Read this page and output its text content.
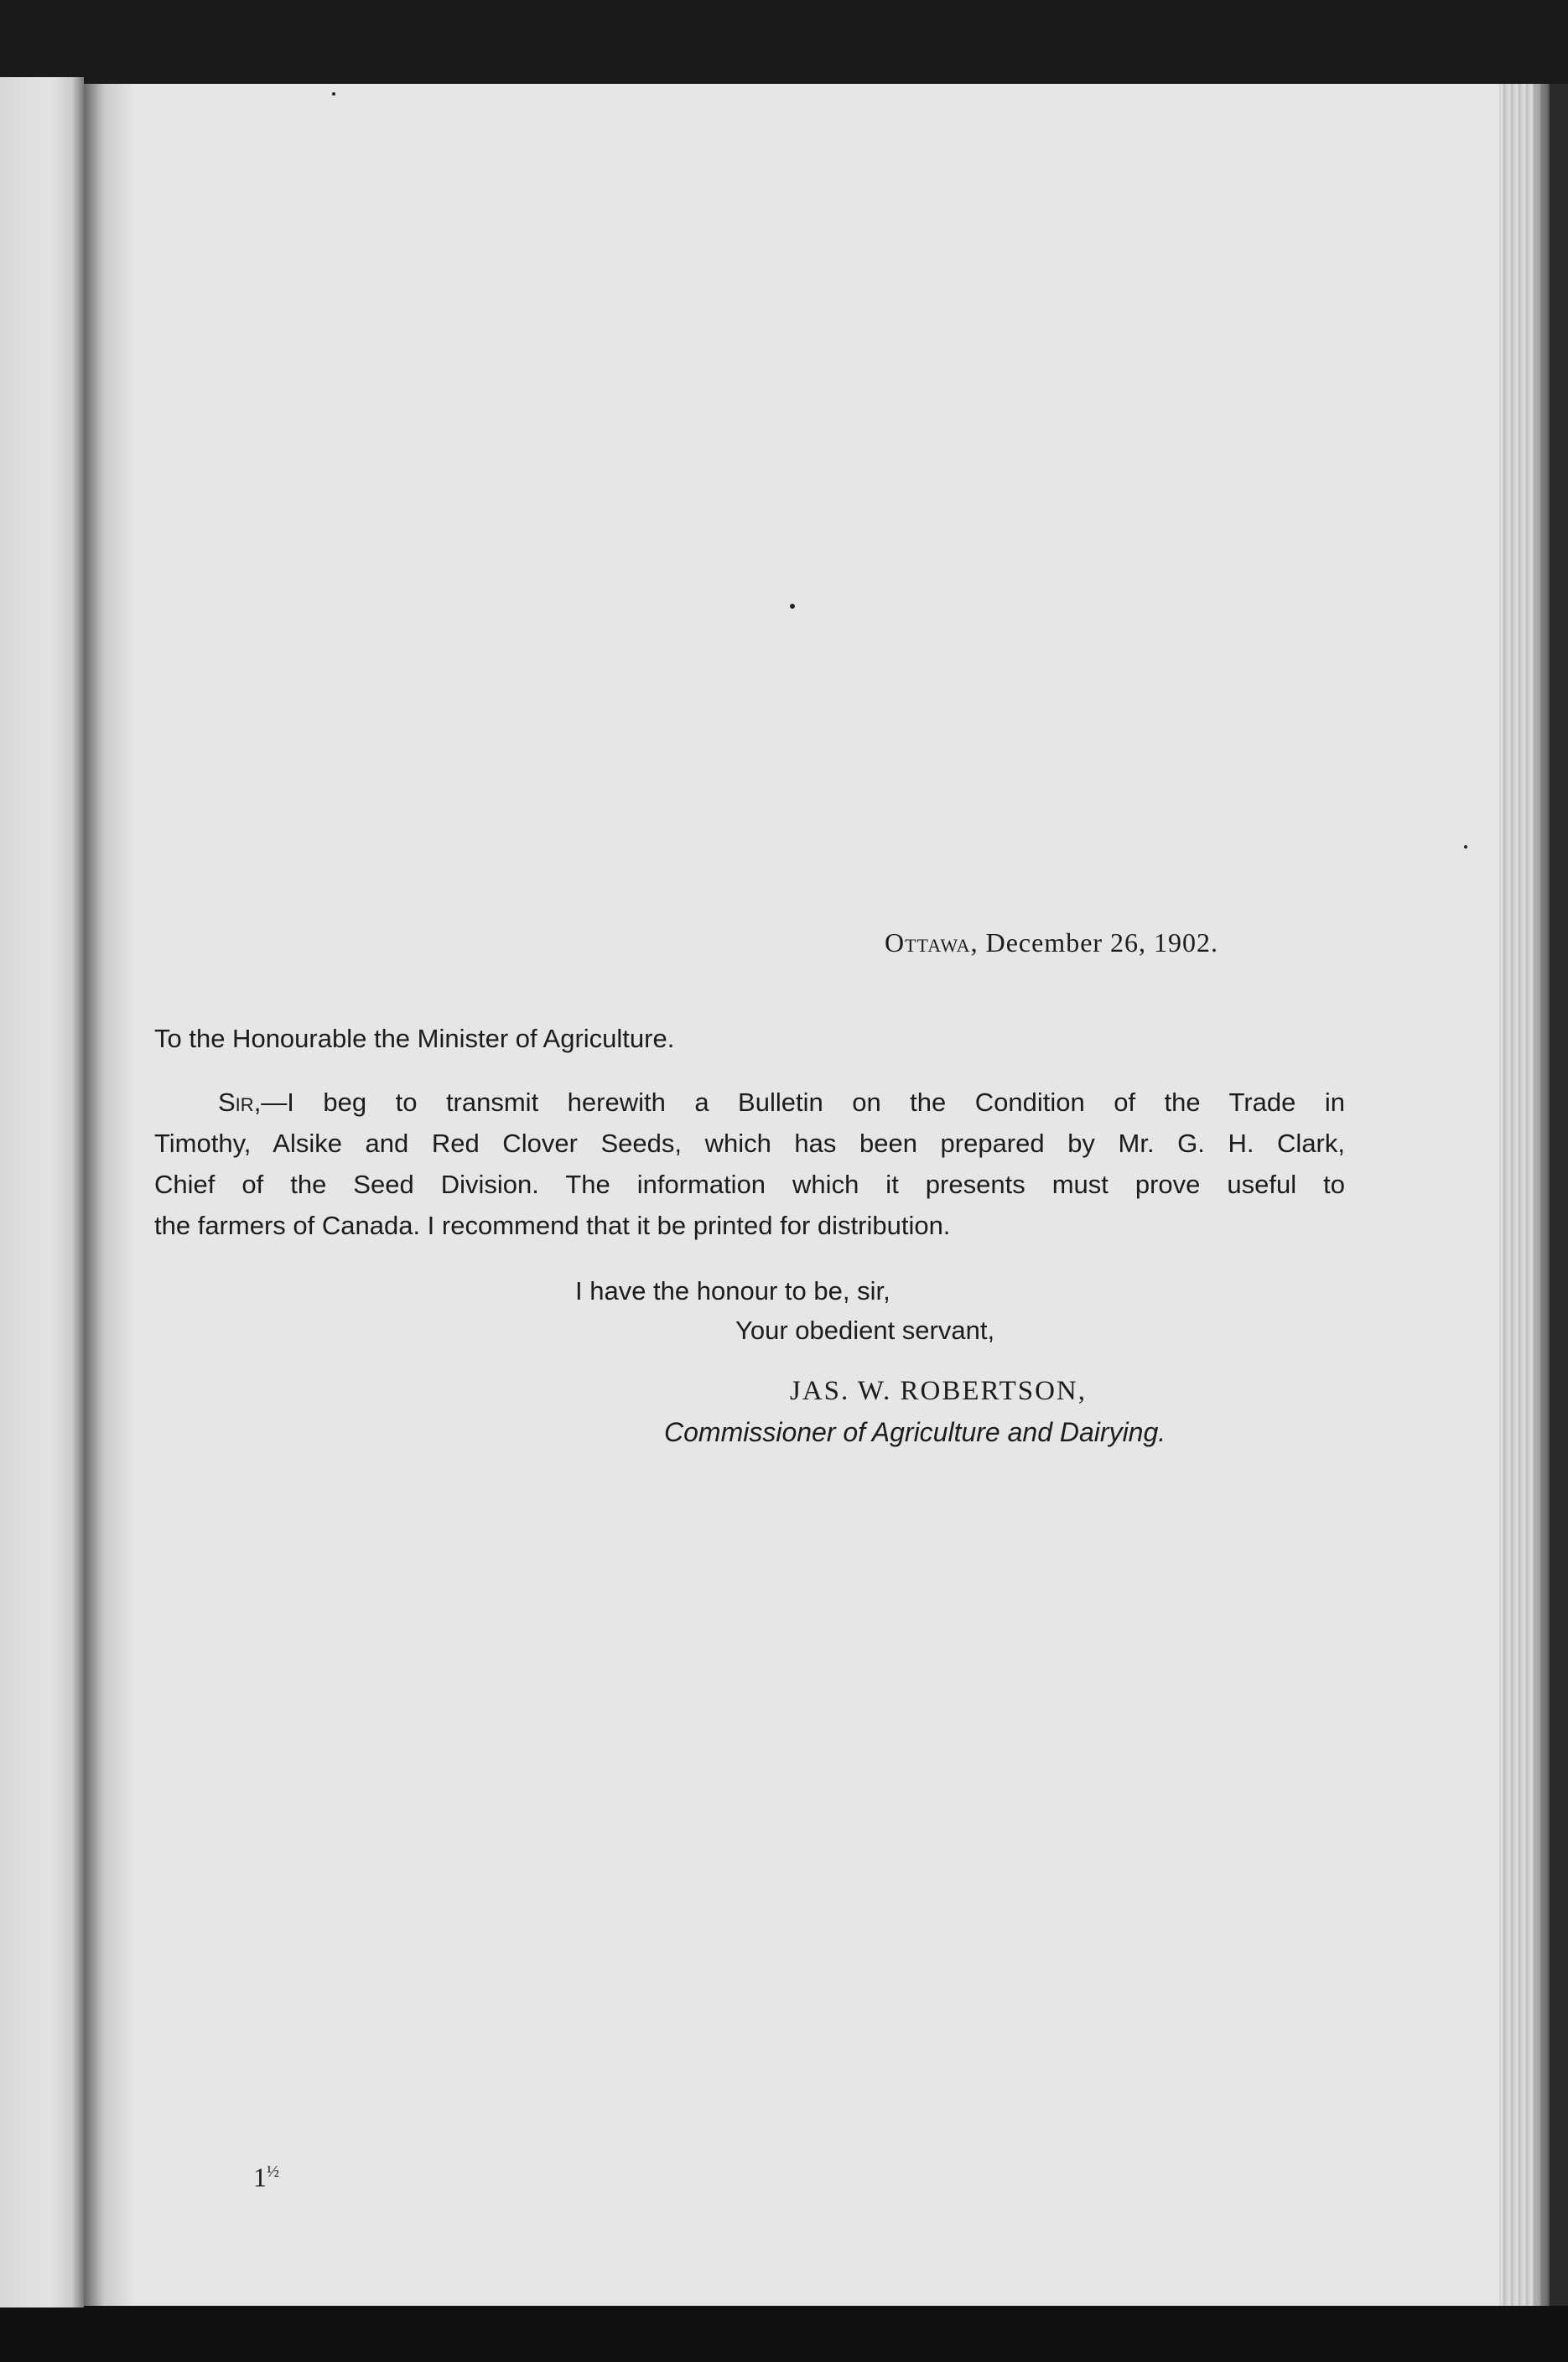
Ottawa, December 26, 1902.
To the Honourable the Minister of Agriculture.
Sir,—I beg to transmit herewith a Bulletin on the Condition of the Trade in
Timothy, Alsike and Red Clover Seeds, which has been prepared by Mr. G. H. Clark,
Chief of the Seed Division. The information which it presents must prove useful to
the farmers of Canada. I recommend that it be printed for distribution.
I have the honour to be, sir,
Your obedient servant,
JAS. W. ROBERTSON,
Commissioner of Agriculture and Dairying.
$1^{\frac{1}{2}}$
